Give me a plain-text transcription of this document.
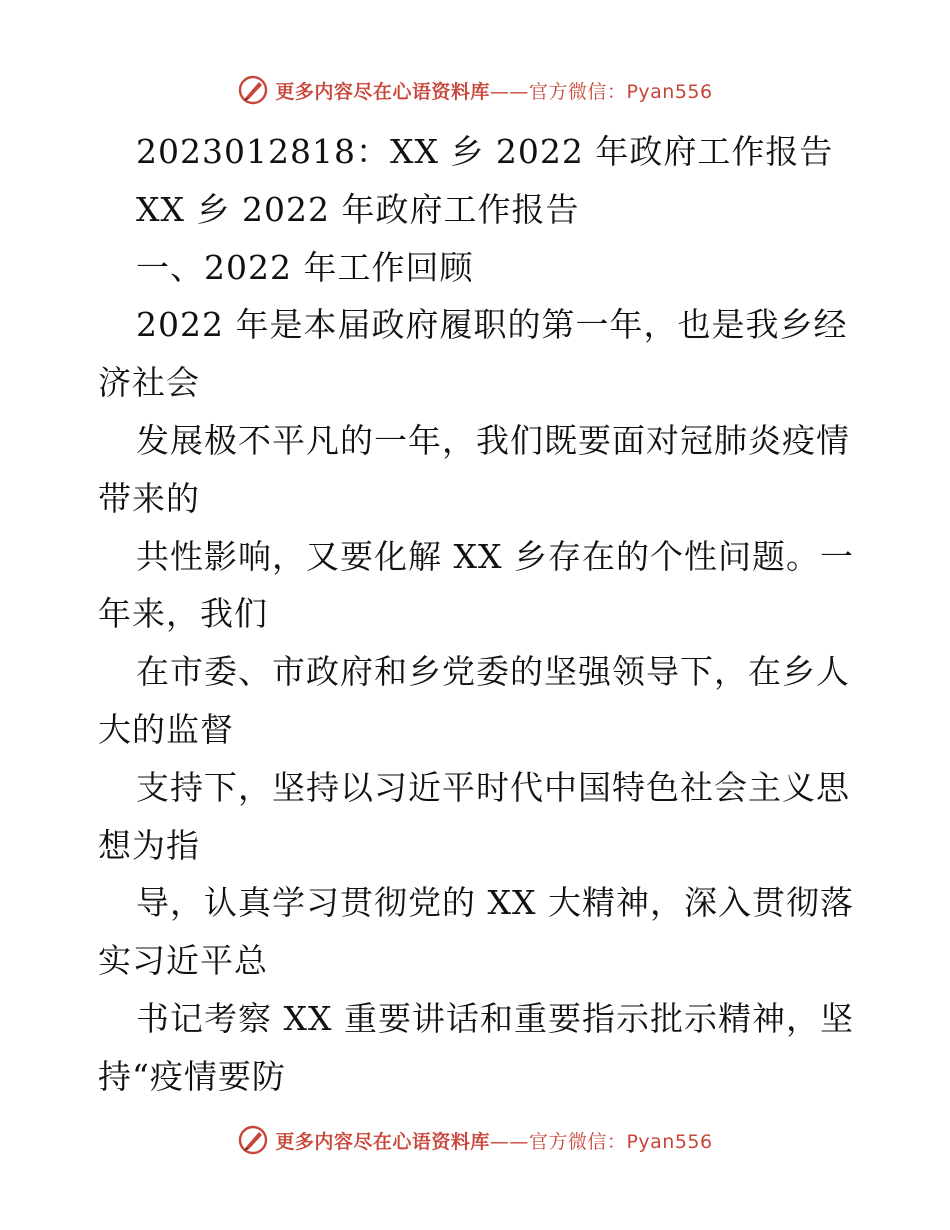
更多内容尽在心语资料库——官方微信：Pyan556

2023012818：XX 乡 2022 年政府工作报告

XX 乡 2022 年政府工作报告

一、2022 年工作回顾

2022 年是本届政府履职的第一年，也是我乡经济社会

发展极不平凡的一年，我们既要面对冠肺炎疫情带来的

共性影响，又要化解 XX 乡存在的个性问题。一年来，我们

在市委、市政府和乡党委的坚强领导下，在乡人大的监督

支持下，坚持以习近平时代中国特色社会主义思想为指

导，认真学习贯彻党的 XX 大精神，深入贯彻落实习近平总

书记考察 XX 重要讲话和重要指示批示精神，坚持“疫情要防

更多内容尽在心语资料库——官方微信：Pyan556
